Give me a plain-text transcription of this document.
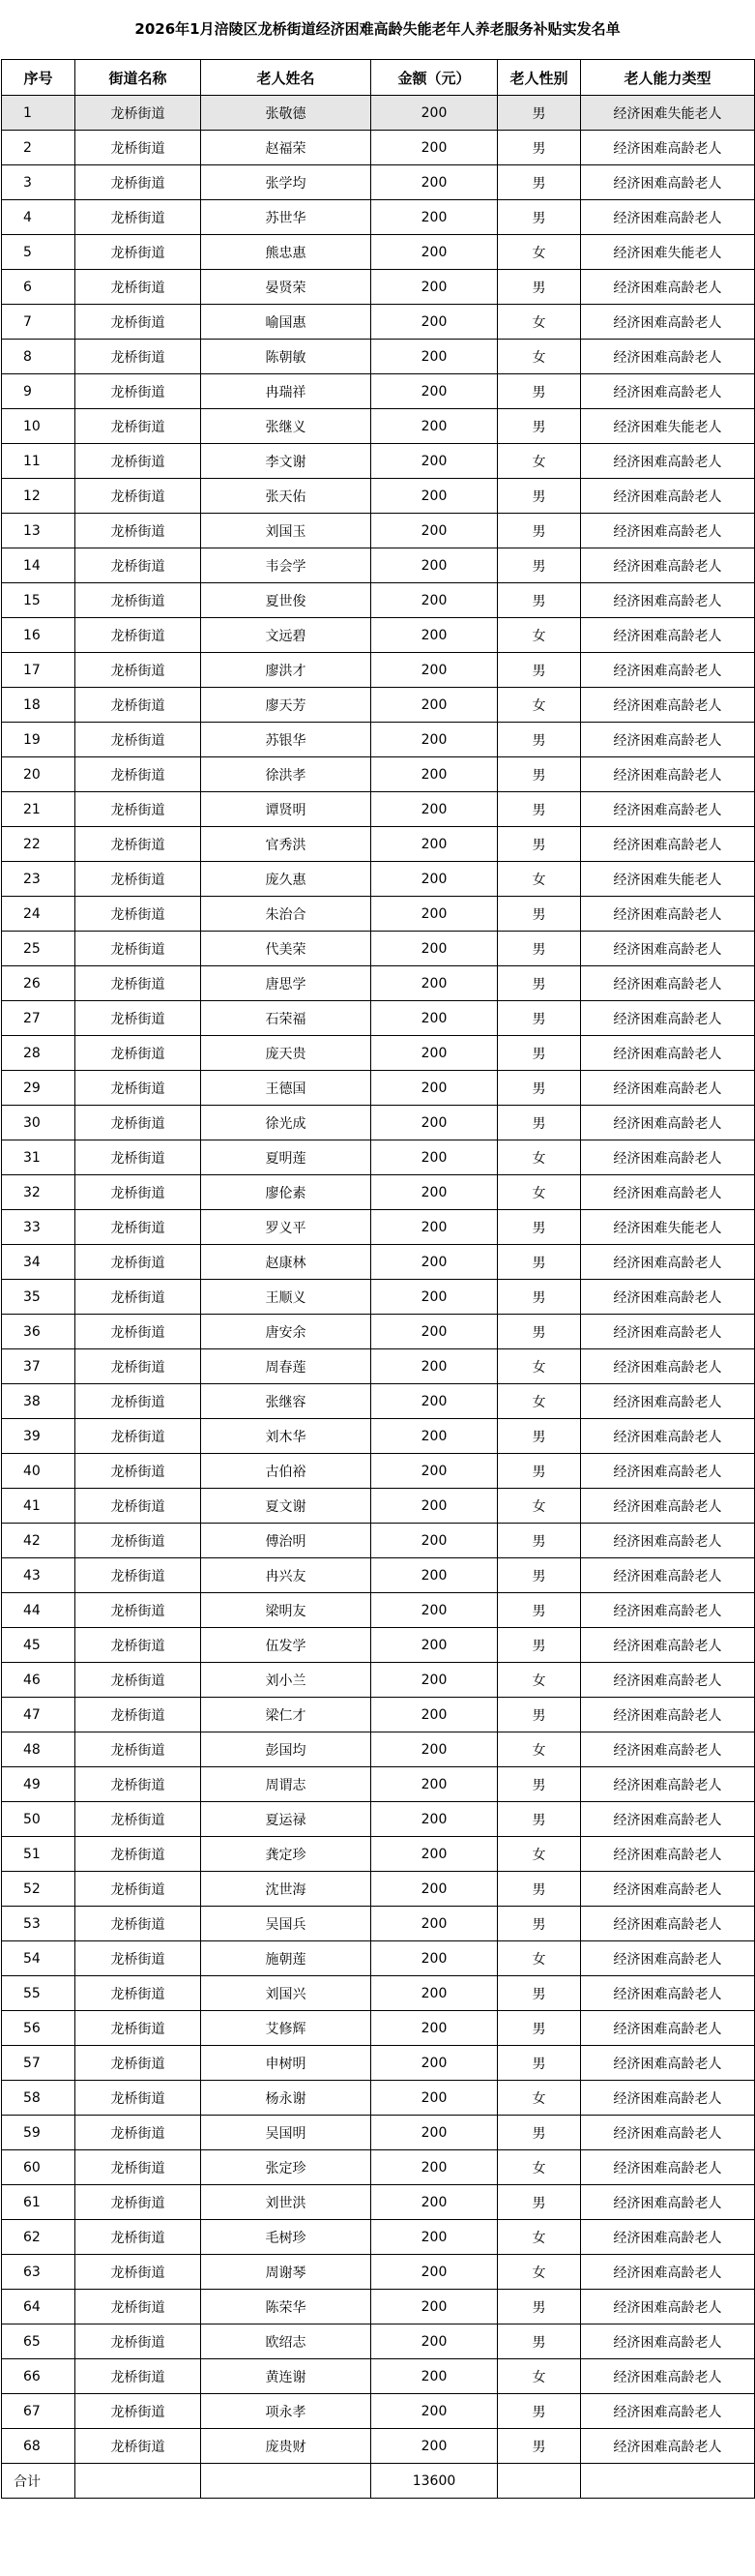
2026年1月涪陵区龙桥街道经济困难高龄失能老年人养老服务补贴实发名单
序号	街道名称	老人姓名	金额（元）	老人性别	老人能力类型
1	龙桥街道	张敬德	200	男	经济困难失能老人
2	龙桥街道	赵福荣	200	男	经济困难高龄老人
3	龙桥街道	张学均	200	男	经济困难高龄老人
4	龙桥街道	苏世华	200	男	经济困难高龄老人
5	龙桥街道	熊忠惠	200	女	经济困难失能老人
6	龙桥街道	晏贤荣	200	男	经济困难高龄老人
7	龙桥街道	喻国惠	200	女	经济困难高龄老人
8	龙桥街道	陈朝敏	200	女	经济困难高龄老人
9	龙桥街道	冉瑞祥	200	男	经济困难高龄老人
10	龙桥街道	张继义	200	男	经济困难失能老人
11	龙桥街道	李文谢	200	女	经济困难高龄老人
12	龙桥街道	张天佑	200	男	经济困难高龄老人
13	龙桥街道	刘国玉	200	男	经济困难高龄老人
14	龙桥街道	韦会学	200	男	经济困难高龄老人
15	龙桥街道	夏世俊	200	男	经济困难高龄老人
16	龙桥街道	文远碧	200	女	经济困难高龄老人
17	龙桥街道	廖洪才	200	男	经济困难高龄老人
18	龙桥街道	廖天芳	200	女	经济困难高龄老人
19	龙桥街道	苏银华	200	男	经济困难高龄老人
20	龙桥街道	徐洪孝	200	男	经济困难高龄老人
21	龙桥街道	谭贤明	200	男	经济困难高龄老人
22	龙桥街道	官秀洪	200	男	经济困难高龄老人
23	龙桥街道	庞久惠	200	女	经济困难失能老人
24	龙桥街道	朱治合	200	男	经济困难高龄老人
25	龙桥街道	代美荣	200	男	经济困难高龄老人
26	龙桥街道	唐思学	200	男	经济困难高龄老人
27	龙桥街道	石荣福	200	男	经济困难高龄老人
28	龙桥街道	庞天贵	200	男	经济困难高龄老人
29	龙桥街道	王德国	200	男	经济困难高龄老人
30	龙桥街道	徐光成	200	男	经济困难高龄老人
31	龙桥街道	夏明莲	200	女	经济困难高龄老人
32	龙桥街道	廖伦素	200	女	经济困难高龄老人
33	龙桥街道	罗义平	200	男	经济困难失能老人
34	龙桥街道	赵康林	200	男	经济困难高龄老人
35	龙桥街道	王顺义	200	男	经济困难高龄老人
36	龙桥街道	唐安余	200	男	经济困难高龄老人
37	龙桥街道	周春莲	200	女	经济困难高龄老人
38	龙桥街道	张继容	200	女	经济困难高龄老人
39	龙桥街道	刘木华	200	男	经济困难高龄老人
40	龙桥街道	古伯裕	200	男	经济困难高龄老人
41	龙桥街道	夏文谢	200	女	经济困难高龄老人
42	龙桥街道	傅治明	200	男	经济困难高龄老人
43	龙桥街道	冉兴友	200	男	经济困难高龄老人
44	龙桥街道	梁明友	200	男	经济困难高龄老人
45	龙桥街道	伍发学	200	男	经济困难高龄老人
46	龙桥街道	刘小兰	200	女	经济困难高龄老人
47	龙桥街道	梁仁才	200	男	经济困难高龄老人
48	龙桥街道	彭国均	200	女	经济困难高龄老人
49	龙桥街道	周谓志	200	男	经济困难高龄老人
50	龙桥街道	夏运禄	200	男	经济困难高龄老人
51	龙桥街道	龚定珍	200	女	经济困难高龄老人
52	龙桥街道	沈世海	200	男	经济困难高龄老人
53	龙桥街道	吴国兵	200	男	经济困难高龄老人
54	龙桥街道	施朝莲	200	女	经济困难高龄老人
55	龙桥街道	刘国兴	200	男	经济困难高龄老人
56	龙桥街道	艾修辉	200	男	经济困难高龄老人
57	龙桥街道	申树明	200	男	经济困难高龄老人
58	龙桥街道	杨永谢	200	女	经济困难高龄老人
59	龙桥街道	吴国明	200	男	经济困难高龄老人
60	龙桥街道	张定珍	200	女	经济困难高龄老人
61	龙桥街道	刘世洪	200	男	经济困难高龄老人
62	龙桥街道	毛树珍	200	女	经济困难高龄老人
63	龙桥街道	周谢琴	200	女	经济困难高龄老人
64	龙桥街道	陈荣华	200	男	经济困难高龄老人
65	龙桥街道	欧绍志	200	男	经济困难高龄老人
66	龙桥街道	黄连谢	200	女	经济困难高龄老人
67	龙桥街道	项永孝	200	男	经济困难高龄老人
68	龙桥街道	庞贵财	200	男	经济困难高龄老人
合计			13600		
